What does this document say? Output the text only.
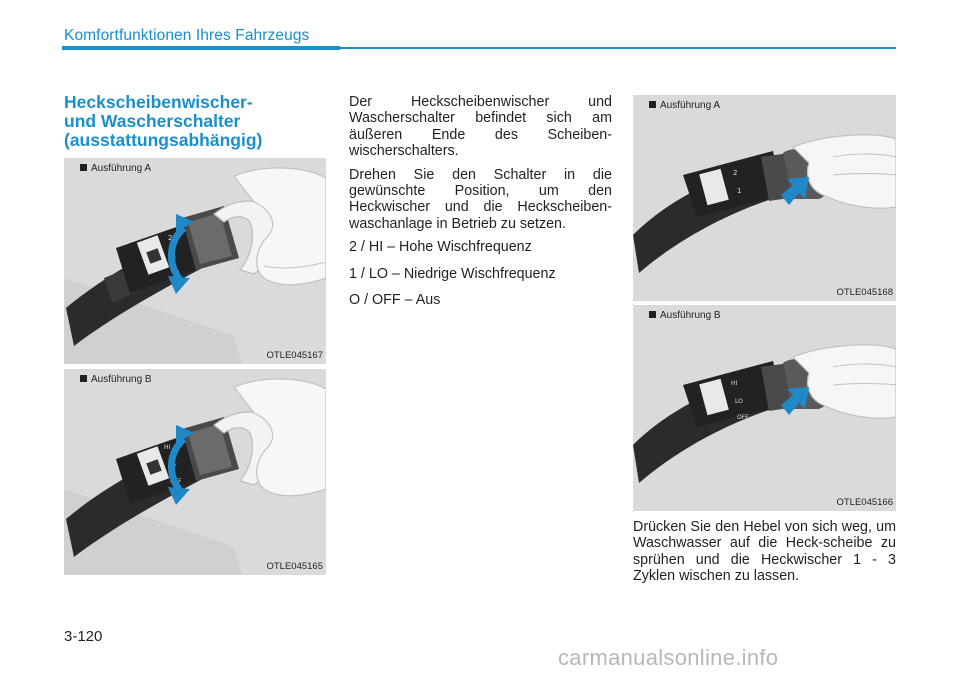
Komfortfunktionen Ihres Fahrzeugs
Heckscheibenwischer-
und Wascherschalter
(ausstattungsabhängig)
2
1
O
Ausführung A
OTLE045167
HI
LO
OFF
Ausführung B
OTLE045165
2
1
Ausführung A
OTLE045168
HI
LO
OFF
Ausführung B
OTLE045166

Der Heckscheibenwischer und Wascherschalter befindet sich am äußeren Ende des Scheiben-wischerschalters.

Drehen Sie den Schalter in die gewünschte Position, um den Heckwischer und die Heckscheiben-waschanlage in Betrieb zu setzen.

2 / HI – Hohe Wischfrequenz

1 / LO – Niedrige Wischfrequenz

O / OFF – Aus

Drücken Sie den Hebel von sich weg, um Waschwasser auf die Heck-scheibe zu sprühen und die Heckwischer 1 - 3 Zyklen wischen zu lassen.

3-120
carmanualsonline.info
